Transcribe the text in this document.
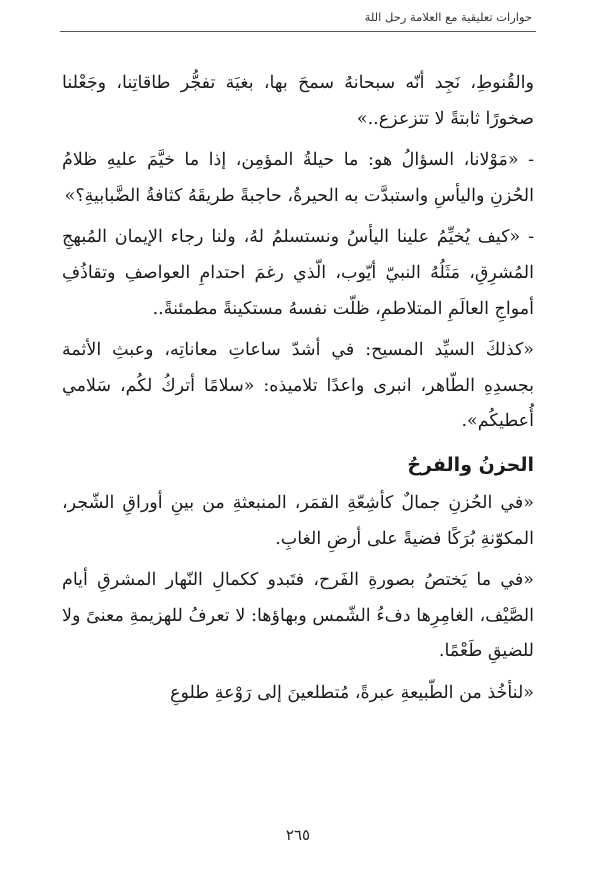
حوارات تعليقية مع العلامة رحل اللهَ

والقُنوطِ، نَجِد أنّه سبحانهُ سمحَ بها، بغيَة تفجُّر طاقاتِنا، وجَعْلنا صخورًا ثابتةً لا تتزعزع..»

- «مَوْلانا، السؤالُ هو: ما حيلةُ المؤمِن، إذا ما خيَّمَ عليهِ ظلامُ الحُزنِ واليأسِ واستبدَّت به الحيرةُ، حاجبةً طريقَهُ كثافةُ الضَّبابيةِ؟»

- «كيف يُخيِّمُ علينا اليأسُ ونستسلمُ لهُ، ولنا رجاء الإيمان المُبهجِ المُشرِقِ، مَثَلُهُ النبيّ أيّوب، الّذي رغمَ احتدامِ العواصفِ وتقاذُفِ أمواجِ العالَمِ المتلاطمِ، ظلّت نفسهُ مستكينةً مطمئنةً..

«كذلكَ السيِّد المسيح: في أشدّ ساعاتِ معاناتِه، وعبثِ الأثمة بجسدِهِ الطّاهر، انبرى واعدًا تلاميذه: «سلامًا أتركُ لكُم، سَلامي أُعطيكُم».

الحزنُ والفرحُ

«في الحُزنِ جمالٌ كأشِعّةِ القمَر، المنبعثةِ من بينِ أوراقِ الشّجر، المكوّنةِ بُرَكًا فضيةً على أرضِ الغابِ.

«في ما يَختصُ بصورةِ الفَرح، فتَبدو ككمالِ النّهار المشرقِ أيام الصَّيْف، الغامِرِها دفءُ الشّمس وبهاؤها: لا تعرفُ للهزيمةِ معنىً ولا للضيقِ طَعْمًا.

«لنأخُذ من الطّبيعةِ عبرةً، مُتطلعينَ إلى رَوْعةِ طلوعِ

٢٦٥
